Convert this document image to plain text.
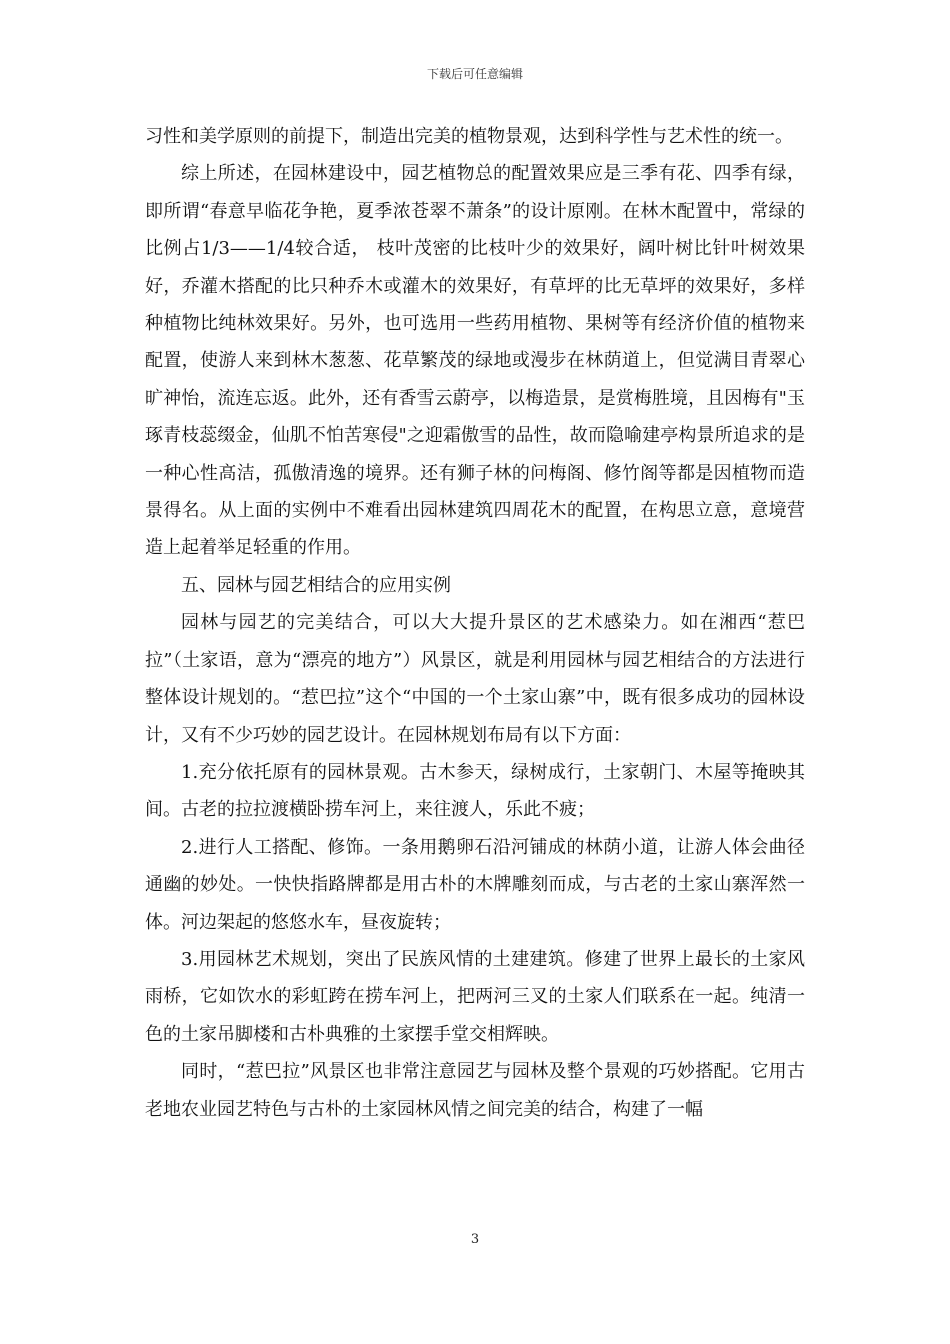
下载后可任意编辑

习性和美学原则的前提下，制造出完美的植物景观，达到科学性与艺术性的统一。

综上所述，在园林建设中，园艺植物总的配置效果应是三季有花、四季有绿，即所谓“春意早临花争艳，夏季浓苍翠不萧条”的设计原刚。在林木配置中，常绿的比例占1/3——1/4较合适， 枝叶茂密的比枝叶少的效果好，阔叶树比针叶树效果好，乔灌木搭配的比只种乔木或灌木的效果好，有草坪的比无草坪的效果好，多样种植物比纯林效果好。另外，也可选用一些药用植物、果树等有经济价值的植物来配置，使游人来到林木葱葱、花草繁茂的绿地或漫步在林荫道上，但觉满目青翠心旷神怡，流连忘返。此外，还有香雪云蔚亭，以梅造景，是赏梅胜境，且因梅有"玉琢青枝蕊缀金，仙肌不怕苦寒侵"之迎霜傲雪的品性，故而隐喻建亭构景所追求的是一种心性高洁，孤傲清逸的境界。还有狮子林的问梅阁、修竹阁等都是因植物而造景得名。从上面的实例中不难看出园林建筑四周花木的配置，在构思立意，意境营造上起着举足轻重的作用。

五、园林与园艺相结合的应用实例

园林与园艺的完美结合，可以大大提升景区的艺术感染力。如在湘西“惹巴拉”（土家语，意为“漂亮的地方”）风景区，就是利用园林与园艺相结合的方法进行整体设计规划的。“惹巴拉”这个“中国的一个土家山寨”中，既有很多成功的园林设计，又有不少巧妙的园艺设计。在园林规划布局有以下方面：

1.充分依托原有的园林景观。古木参天，绿树成行，土家朝门、木屋等掩映其间。古老的拉拉渡横卧捞车河上，来往渡人，乐此不疲；

2.进行人工搭配、修饰。一条用鹅卵石沿河铺成的林荫小道，让游人体会曲径通幽的妙处。一快快指路牌都是用古朴的木牌雕刻而成，与古老的土家山寨浑然一体。河边架起的悠悠水车，昼夜旋转；

3.用园林艺术规划，突出了民族风情的土建建筑。修建了世界上最长的土家风雨桥，它如饮水的彩虹跨在捞车河上，把两河三叉的土家人们联系在一起。纯清一色的土家吊脚楼和古朴典雅的土家摆手堂交相辉映。

同时，“惹巴拉”风景区也非常注意园艺与园林及整个景观的巧妙搭配。它用古老地农业园艺特色与古朴的土家园林风情之间完美的结合，构建了一幅

3
